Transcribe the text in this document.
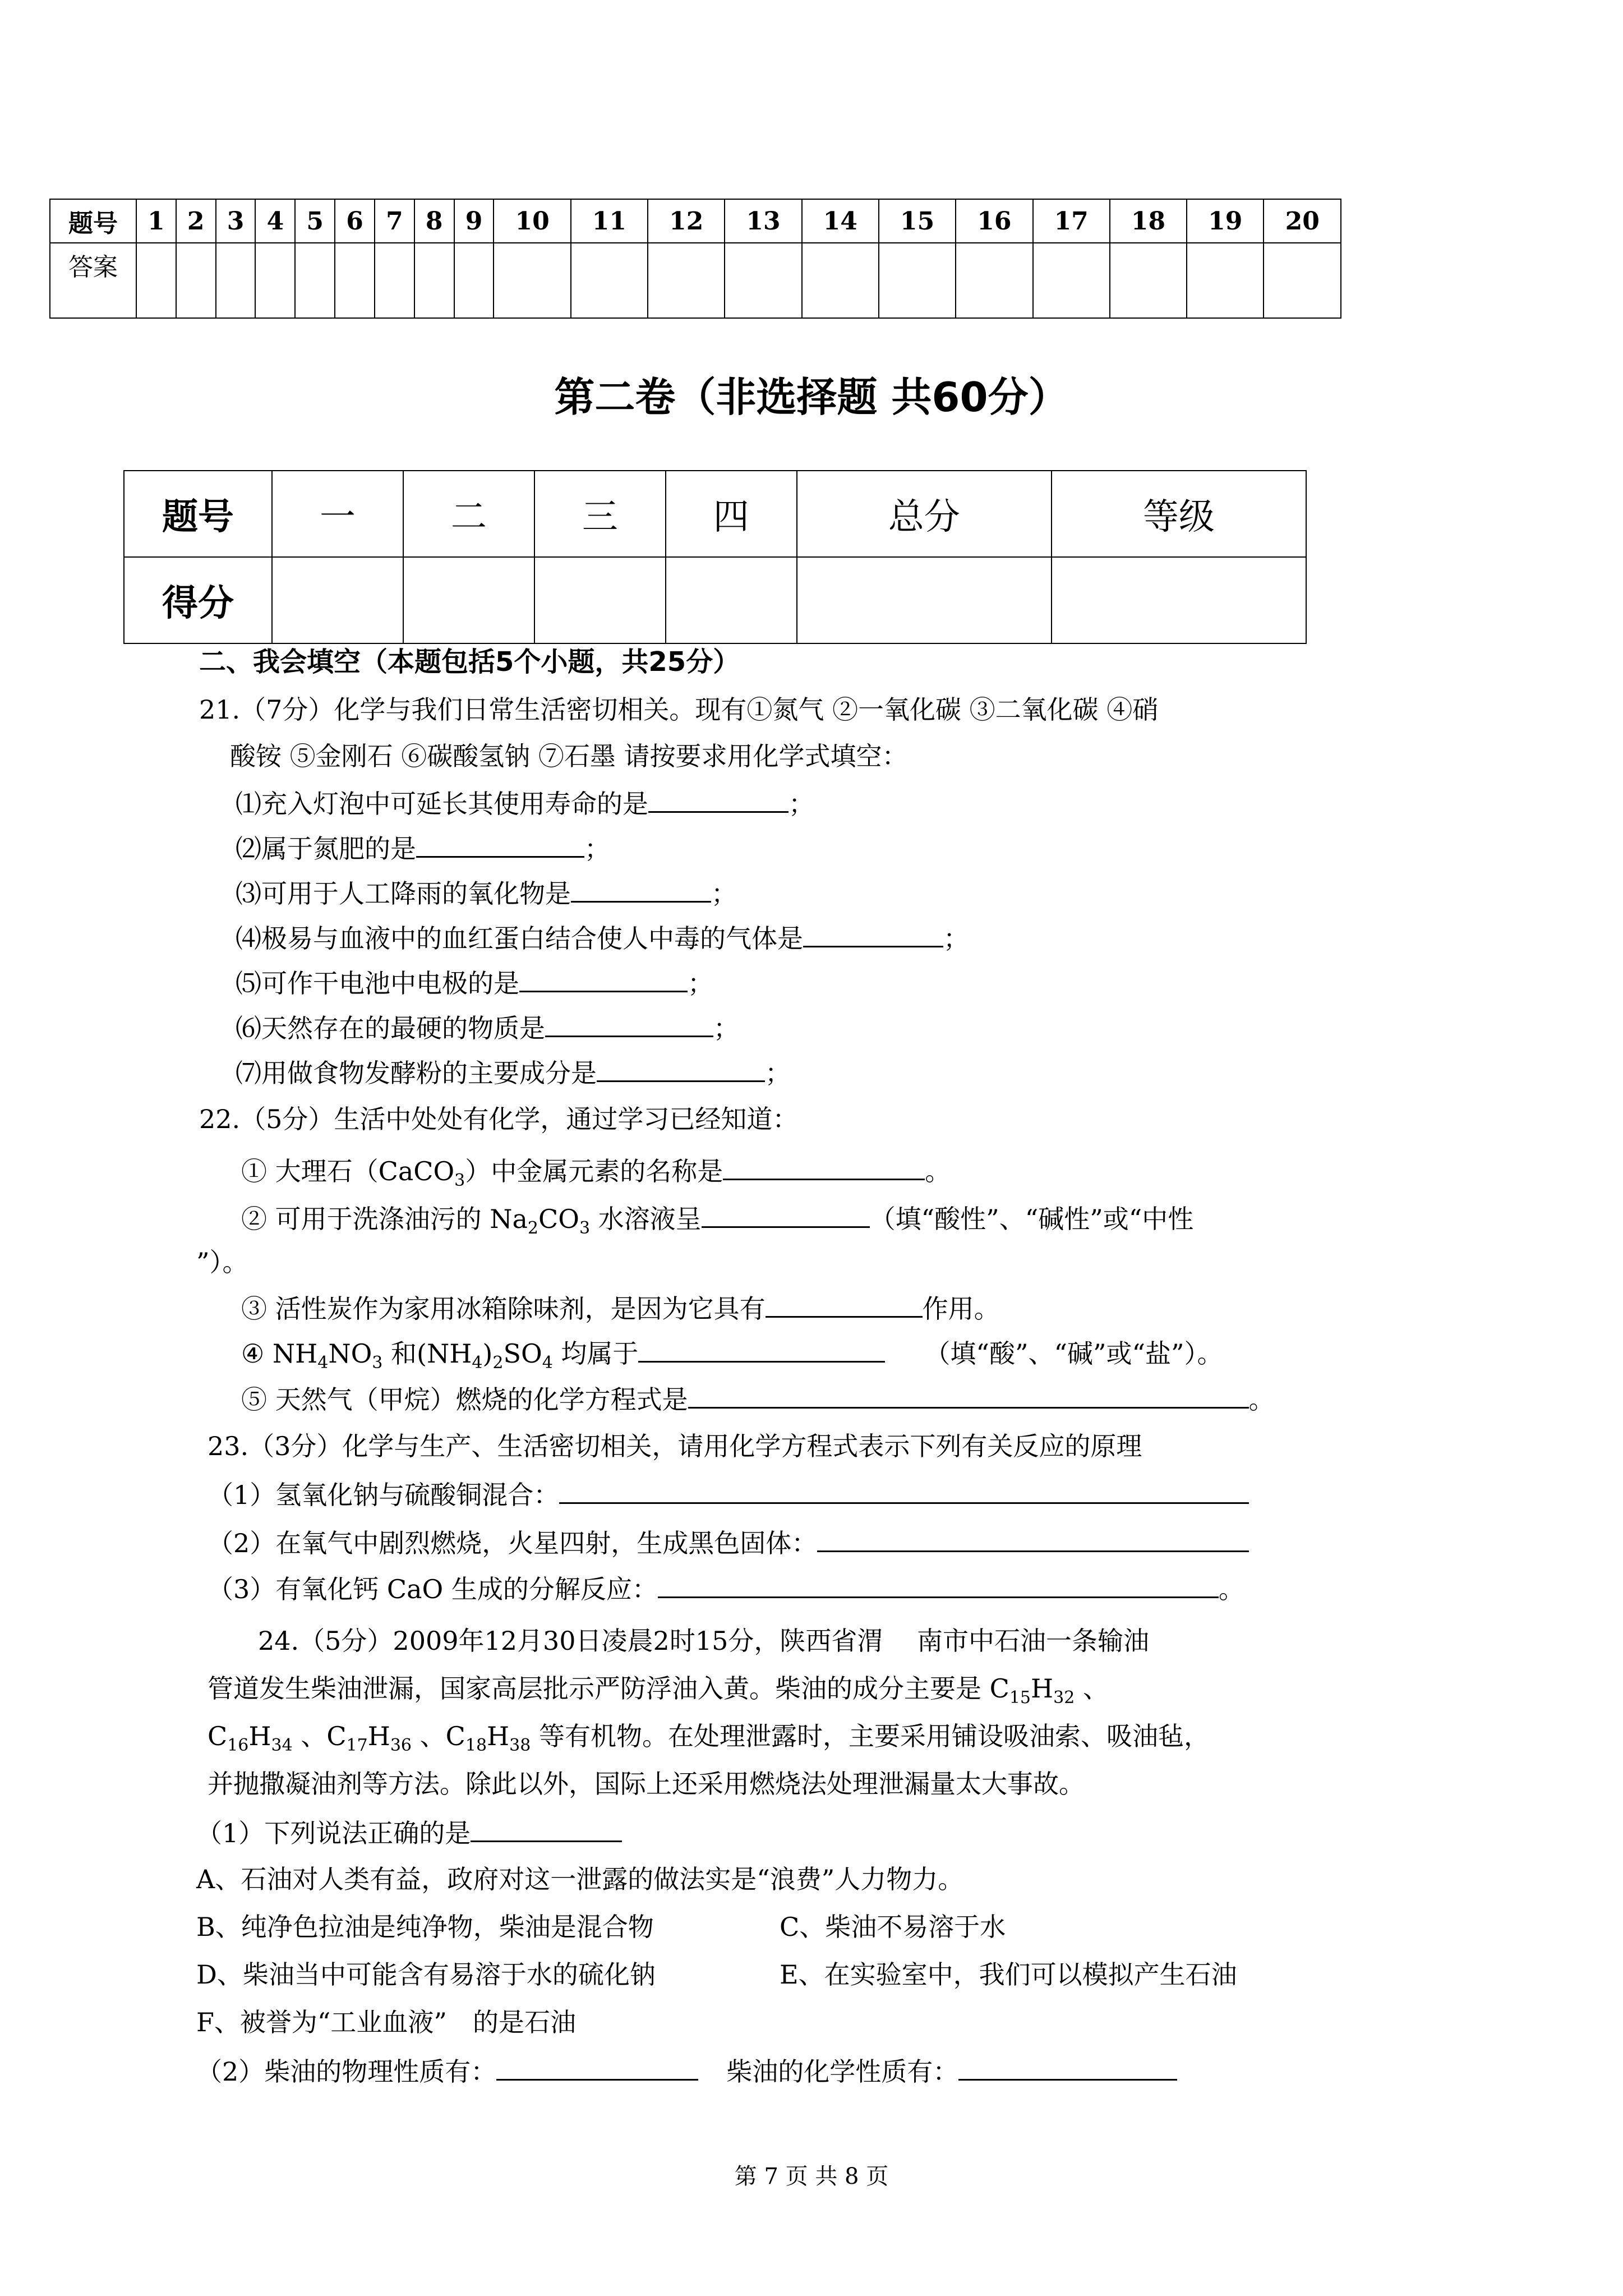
题号	1	2	3	4	5	6	7	8	9	10	11	12	13	14	15	16	17	18	19	20
答案																				
第二卷（非选择题 共60分）
题号	一	二	三	四	总分	等级
得分						
二、我会填空（本题包括5个小题，共25分）
21.（7分）化学与我们日常生活密切相关。现有①氮气 ②一氧化碳 ③二氧化碳 ④硝
酸铵 ⑤金刚石 ⑥碳酸氢钠 ⑦石墨 请按要求用化学式填空：
⑴充入灯泡中可延长其使用寿命的是	；
⑵属于氮肥的是	；
⑶可用于人工降雨的氧化物是	；
⑷极易与血液中的血红蛋白结合使人中毒的气体是	；
⑸可作干电池中电极的是	；
⑹天然存在的最硬的物质是	；
⑺用做食物发酵粉的主要成分是	；
22.（5分）生活中处处有化学，通过学习已经知道：
① 大理石（CaCO$_3$）中金属元素的名称是	。
② 可用于洗涤油污的 $Na_2CO_3$ 水溶液呈	（填“酸性”、“碱性”或“中性
”）。
③ 活性炭作为家用冰箱除味剂，是因为它具有	作用。
④ $NH_4NO_3$ 和$(NH_4)_2SO_4$ 均属于	（填“酸”、“碱”或“盐”）。
⑤ 天然气（甲烷）燃烧的化学方程式是	。
23.（3分）化学与生产、生活密切相关，请用化学方程式表示下列有关反应的原理
（1）氢氧化钠与硫酸铜混合：
（2）在氧气中剧烈燃烧，火星四射，生成黑色固体：
（3）有氧化钙 CaO 生成的分解反应：	。
24.（5分）2009年12月30日凌晨2时15分，陕西省渭　 南市中石油一条输油
管道发生柴油泄漏，国家高层批示严防浮油入黄。柴油的成分主要是 $C_{15}H_{32}$ 、
$C_{16}H_{34}$ 、$C_{17}H_{36}$ 、$C_{18}H_{38}$ 等有机物。在处理泄露时，主要采用铺设吸油索、吸油毡，
并抛撒凝油剂等方法。除此以外，国际上还采用燃烧法处理泄漏量太大事故。
（1）下列说法正确的是
A、石油对人类有益，政府对这一泄露的做法实是“浪费”人力物力。
B、纯净色拉油是纯净物，柴油是混合物	C、柴油不易溶于水
D、柴油当中可能含有易溶于水的硫化钠	E、在实验室中，我们可以模拟产生石油
F、被誉为“工业血液”　的是石油
（2）柴油的物理性质有：	柴油的化学性质有：
第 7 页 共 8 页
